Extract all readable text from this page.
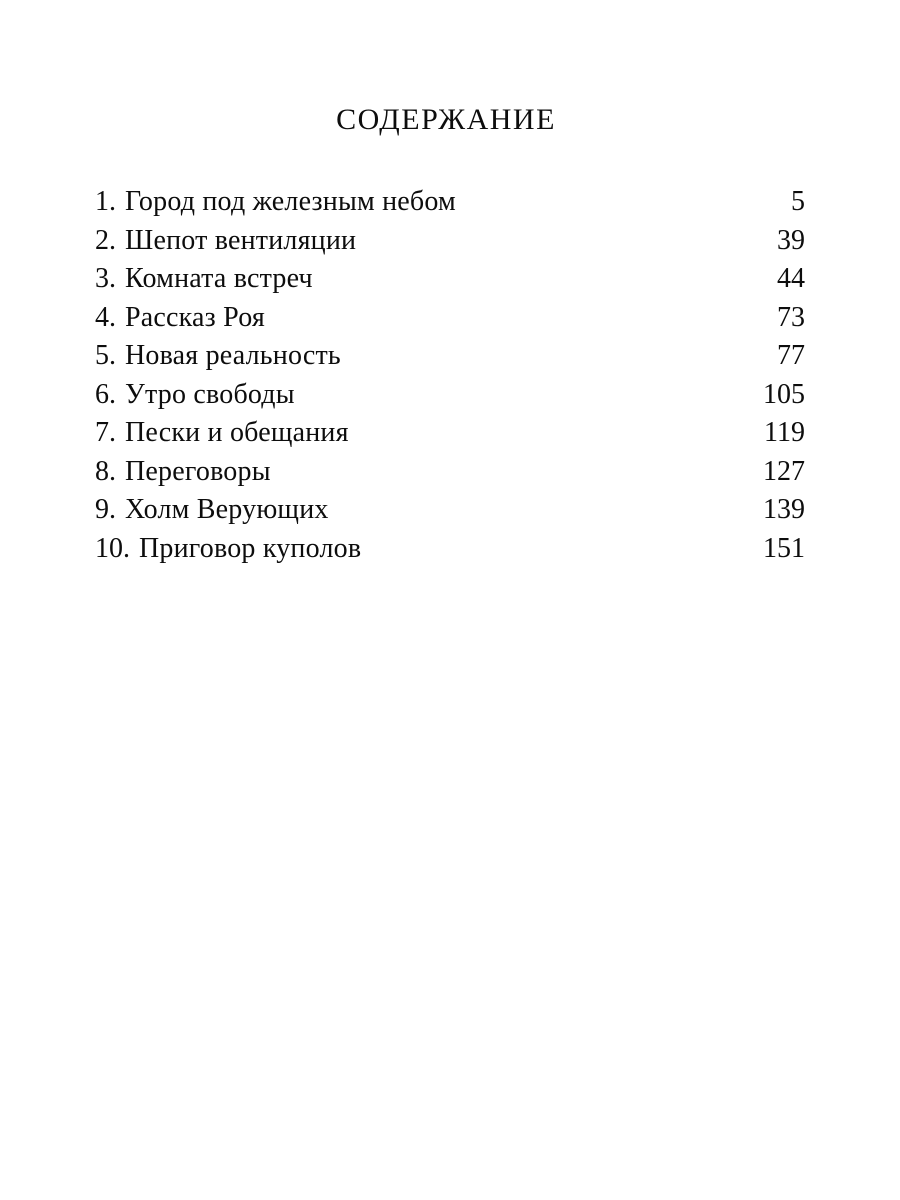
СОДЕРЖАНИЕ
1. Город под железным небом	5
2. Шепот вентиляции	39
3. Комната встреч	44
4. Рассказ Роя	73
5. Новая реальность	77
6. Утро свободы	105
7. Пески и обещания	119
8. Переговоры	127
9. Холм Верующих	139
10. Приговор куполов	151
